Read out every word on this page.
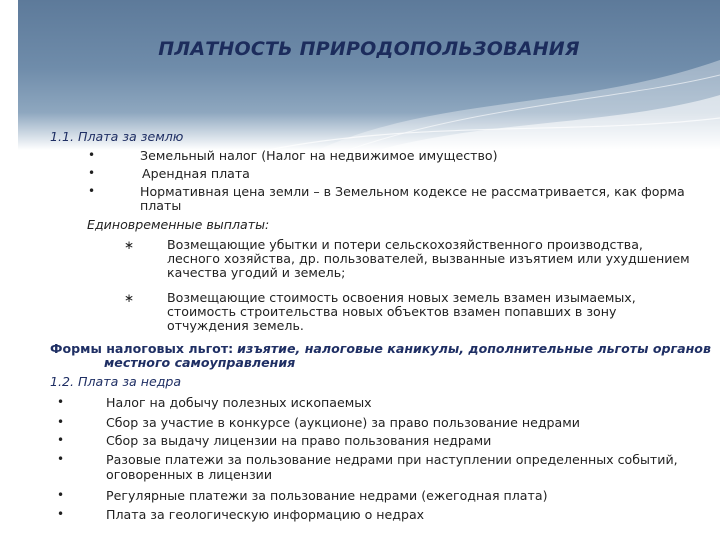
ПЛАТНОСТЬ ПРИРОДОПОЛЬЗОВАНИЯ
1.1. Плата за землю
•	Земельный налог (Налог на недвижимое имущество)
•	Арендная плата
•	Нормативная цена земли – в Земельном кодексе не рассматривается, как форма
платы
Единовременные выплаты:
∗	Возмещающие убытки и потери сельскохозяйственного производства,
лесного хозяйства, др. пользователей, вызванные изъятием или ухудшением
качества угодий и земель;
∗	Возмещающие стоимость освоения новых земель взамен изымаемых,
стоимость строительства новых объектов взамен попавших в зону
отчуждения земель.
Формы налоговых льгот: изъятие, налоговые каникулы, дополнительные льготы органов
местного самоуправления
1.2. Плата за недра
•	Налог на добычу полезных ископаемых
•	Сбор за участие в конкурсе (аукционе) за право пользование недрами
•	Сбор за выдачу лицензии на право пользования недрами
•	Разовые платежи за пользование недрами при наступлении определенных событий,
оговоренных в лицензии
•	Регулярные платежи за пользование недрами (ежегодная плата)
•	Плата за геологическую информацию о недрах
